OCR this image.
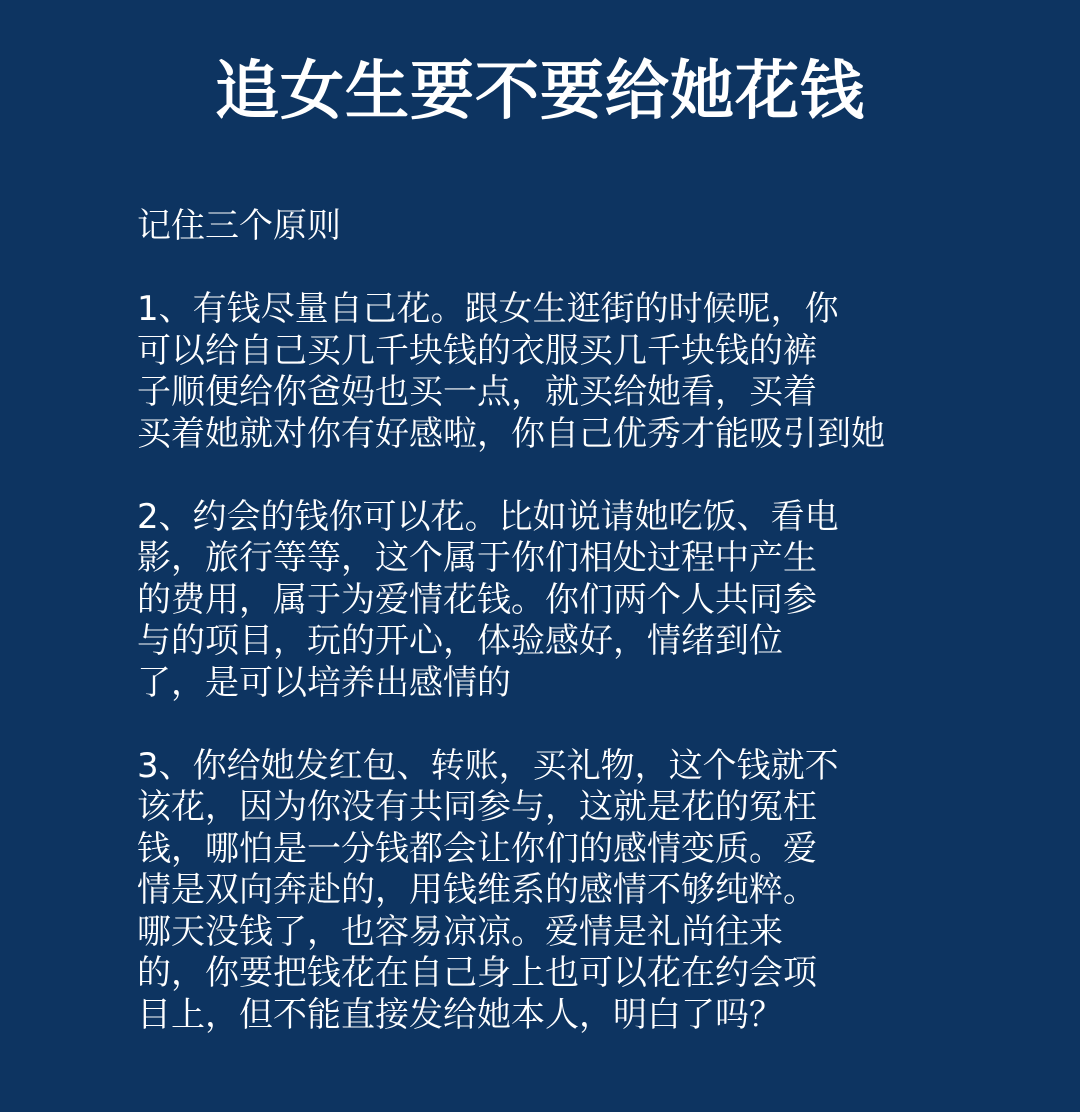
追女生要不要给她花钱
记住三个原则
1、有钱尽量自己花。跟女生逛街的时候呢，你
可以给自己买几千块钱的衣服买几千块钱的裤
子顺便给你爸妈也买一点，就买给她看，买着
买着她就对你有好感啦，你自己优秀才能吸引到她
2、约会的钱你可以花。比如说请她吃饭、看电
影，旅行等等，这个属于你们相处过程中产生
的费用，属于为爱情花钱。你们两个人共同参
与的项目，玩的开心，体验感好，情绪到位
了，是可以培养出感情的
3、你给她发红包、转账，买礼物，这个钱就不
该花，因为你没有共同参与，这就是花的冤枉
钱，哪怕是一分钱都会让你们的感情变质。爱
情是双向奔赴的，用钱维系的感情不够纯粹。
哪天没钱了，也容易凉凉。爱情是礼尚往来
的，你要把钱花在自己身上也可以花在约会项
目上，但不能直接发给她本人，明白了吗？
